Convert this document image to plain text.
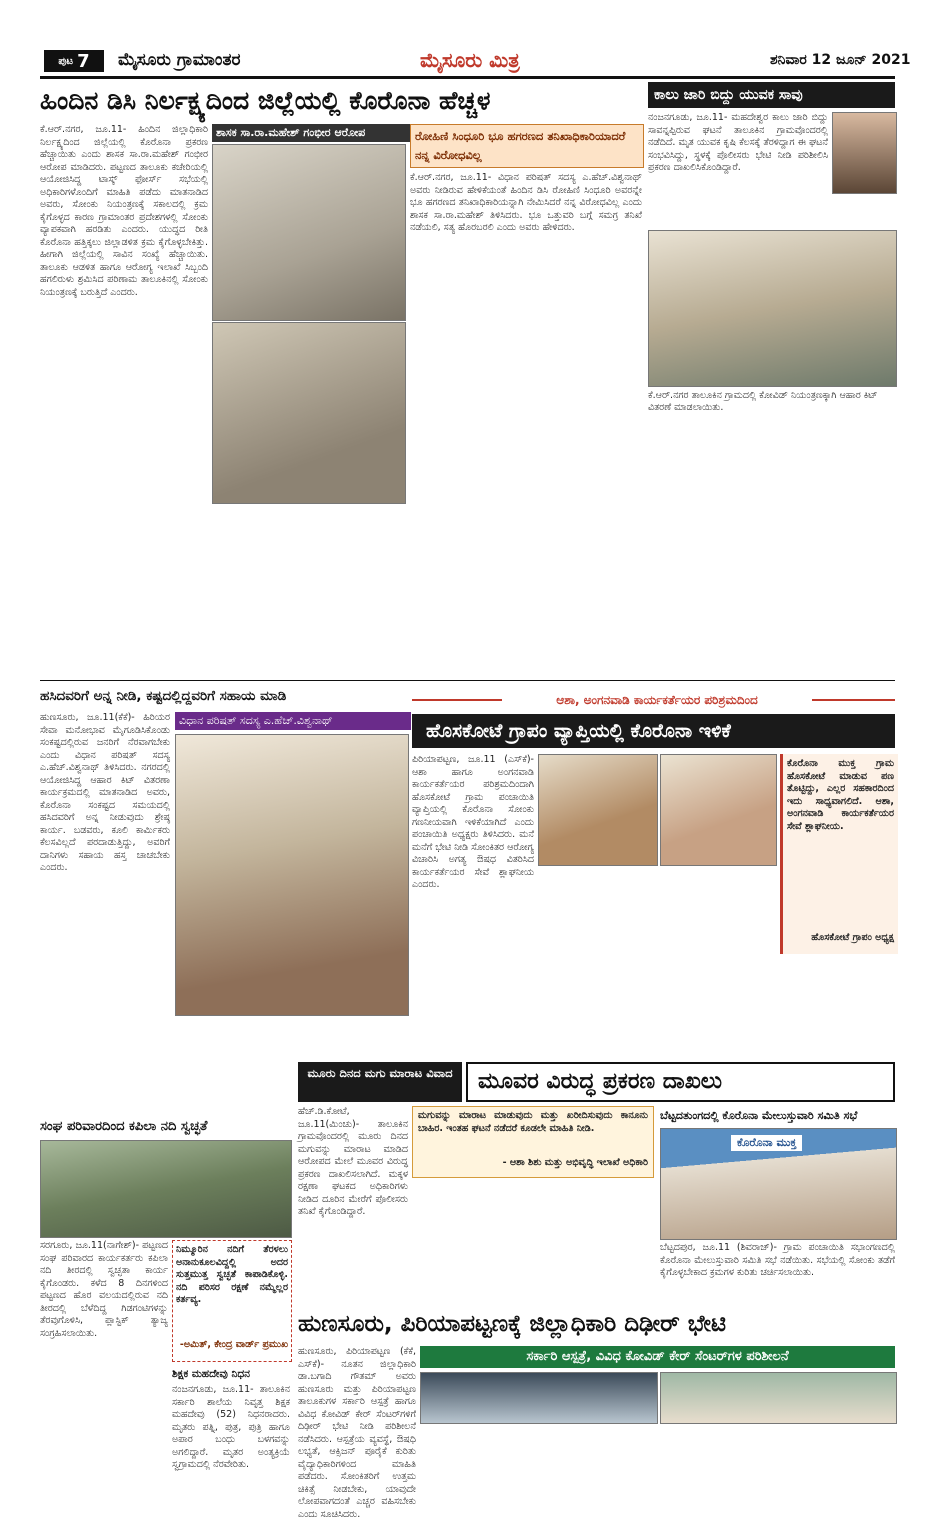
ಪುಟ 7 ಮೈಸೂರು ಗ್ರಾಮಾಂತರ	ಮೈಸೂರು ಮಿತ್ರ	ಶನಿವಾರ 12 ಜೂನ್ 2021
ಹಿಂದಿನ ಡಿಸಿ ನಿರ್ಲಕ್ಷ್ಯದಿಂದ ಜಿಲ್ಲೆಯಲ್ಲಿ ಕೊರೊನಾ ಹೆಚ್ಚಳ
ಶಾಸಕ ಸಾ.ರಾ.ಮಹೇಶ್ ಗಂಭೀರ ಆರೋಪ
ಕೆ.ಆರ್.ನಗರ, ಜೂ.11- ಹಿಂದಿನ ಜಿಲ್ಲಾಧಿಕಾರಿ ನಿರ್ಲಕ್ಷ್ಯದಿಂದ ಜಿಲ್ಲೆಯಲ್ಲಿ ಕೊರೊನಾ ಪ್ರಕರಣ ಹೆಚ್ಚಾಯಿತು ಎಂದು ಶಾಸಕ ಸಾ.ರಾ.ಮಹೇಶ್ ಗಂಭೀರ ಆರೋಪ ಮಾಡಿದರು. ಪಟ್ಟಣದ ತಾಲೂಕು ಕಚೇರಿಯಲ್ಲಿ ಆಯೋಜಿಸಿದ್ದ ಟಾಸ್ಕ್ ಫೋರ್ಸ್ ಸಭೆಯಲ್ಲಿ ಅಧಿಕಾರಿಗಳೊಂದಿಗೆ ಮಾಹಿತಿ ಪಡೆದು ಮಾತನಾಡಿದ ಅವರು, ಸೋಂಕು ನಿಯಂತ್ರಣಕ್ಕೆ ಸಕಾಲದಲ್ಲಿ ಕ್ರಮ ಕೈಗೊಳ್ಳದ ಕಾರಣ ಗ್ರಾಮಾಂತರ ಪ್ರದೇಶಗಳಲ್ಲಿ ಸೋಂಕು ವ್ಯಾಪಕವಾಗಿ ಹರಡಿತು ಎಂದರು. ಯುದ್ಧದ ರೀತಿ ಕೊರೊನಾ ಹತ್ತಿಕ್ಕಲು ಜಿಲ್ಲಾಡಳಿತ ಕ್ರಮ ಕೈಗೊಳ್ಳಬೇಕಿತ್ತು. ಹೀಗಾಗಿ ಜಿಲ್ಲೆಯಲ್ಲಿ ಸಾವಿನ ಸಂಖ್ಯೆ ಹೆಚ್ಚಾಯಿತು. ತಾಲೂಕು ಆಡಳಿತ ಹಾಗೂ ಆರೋಗ್ಯ ಇಲಾಖೆ ಸಿಬ್ಬಂದಿ ಹಗಲಿರುಳು ಶ್ರಮಿಸಿದ ಪರಿಣಾಮ ತಾಲೂಕಿನಲ್ಲಿ ಸೋಂಕು ನಿಯಂತ್ರಣಕ್ಕೆ ಬರುತ್ತಿದೆ ಎಂದರು.
ರೋಹಿಣಿ ಸಿಂಧೂರಿ ಭೂ ಹಗರಣದ ತನಿಖಾಧಿಕಾರಿಯಾದರೆ ನನ್ನ ವಿರೋಧವಿಲ್ಲ
ಕೆ.ಆರ್.ನಗರ, ಜೂ.11- ವಿಧಾನ ಪರಿಷತ್ ಸದಸ್ಯ ಎ.ಹೆಚ್.ವಿಶ್ವನಾಥ್ ಅವರು ನೀಡಿರುವ ಹೇಳಿಕೆಯಂತೆ ಹಿಂದಿನ ಡಿಸಿ ರೋಹಿಣಿ ಸಿಂಧೂರಿ ಅವರನ್ನೇ ಭೂ ಹಗರಣದ ತನಿಖಾಧಿಕಾರಿಯನ್ನಾಗಿ ನೇಮಿಸಿದರೆ ನನ್ನ ವಿರೋಧವಿಲ್ಲ ಎಂದು ಶಾಸಕ ಸಾ.ರಾ.ಮಹೇಶ್ ತಿಳಿಸಿದರು. ಭೂ ಒತ್ತುವರಿ ಬಗ್ಗೆ ಸಮಗ್ರ ತನಿಖೆ ನಡೆಯಲಿ, ಸತ್ಯ ಹೊರಬರಲಿ ಎಂದು ಅವರು ಹೇಳಿದರು.
ಕಾಲು ಜಾರಿ ಬಿದ್ದು ಯುವಕ ಸಾವು
ನಂಜನಗೂಡು, ಜೂ.11- ಮಹದೇಶ್ವರ ಕಾಲು ಜಾರಿ ಬಿದ್ದು ಸಾವನ್ನಪ್ಪಿರುವ ಘಟನೆ ತಾಲೂಕಿನ ಗ್ರಾಮವೊಂದರಲ್ಲಿ ನಡೆದಿದೆ. ಮೃತ ಯುವಕ ಕೃಷಿ ಕೆಲಸಕ್ಕೆ ತೆರಳಿದ್ದಾಗ ಈ ಘಟನೆ ಸಂಭವಿಸಿದ್ದು, ಸ್ಥಳಕ್ಕೆ ಪೊಲೀಸರು ಭೇಟಿ ನೀಡಿ ಪರಿಶೀಲಿಸಿ ಪ್ರಕರಣ ದಾಖಲಿಸಿಕೊಂಡಿದ್ದಾರೆ.
ಕೆ.ಆರ್.ನಗರ ತಾಲೂಕಿನ ಗ್ರಾಮದಲ್ಲಿ ಕೋವಿಡ್ ನಿಯಂತ್ರಣಕ್ಕಾಗಿ ಆಹಾರ ಕಿಟ್ ವಿತರಣೆ ಮಾಡಲಾಯಿತು.
ಹಸಿದವರಿಗೆ ಅನ್ನ ನೀಡಿ, ಕಷ್ಟದಲ್ಲಿದ್ದವರಿಗೆ ಸಹಾಯ ಮಾಡಿ
ವಿಧಾನ ಪರಿಷತ್ ಸದಸ್ಯ ಎ.ಹೆಚ್.ವಿಶ್ವನಾಥ್
ಹುಣಸೂರು, ಜೂ.11(ಕೆಕೆ)- ಹಿರಿಯರ ಸೇವಾ ಮನೋಭಾವ ಮೈಗೂಡಿಸಿಕೊಂಡು ಸಂಕಷ್ಟದಲ್ಲಿರುವ ಜನರಿಗೆ ನೆರವಾಗಬೇಕು ಎಂದು ವಿಧಾನ ಪರಿಷತ್ ಸದಸ್ಯ ಎ.ಹೆಚ್.ವಿಶ್ವನಾಥ್ ತಿಳಿಸಿದರು. ನಗರದಲ್ಲಿ ಆಯೋಜಿಸಿದ್ದ ಆಹಾರ ಕಿಟ್ ವಿತರಣಾ ಕಾರ್ಯಕ್ರಮದಲ್ಲಿ ಮಾತನಾಡಿದ ಅವರು, ಕೊರೊನಾ ಸಂಕಷ್ಟದ ಸಮಯದಲ್ಲಿ ಹಸಿದವರಿಗೆ ಅನ್ನ ನೀಡುವುದು ಶ್ರೇಷ್ಠ ಕಾರ್ಯ. ಬಡವರು, ಕೂಲಿ ಕಾರ್ಮಿಕರು ಕೆಲಸವಿಲ್ಲದೆ ಪರದಾಡುತ್ತಿದ್ದು, ಅವರಿಗೆ ದಾನಿಗಳು ಸಹಾಯ ಹಸ್ತ ಚಾಚಬೇಕು ಎಂದರು.
ಆಶಾ, ಅಂಗನವಾಡಿ ಕಾರ್ಯಕರ್ತೆಯರ ಪರಿಶ್ರಮದಿಂದ
ಹೊಸಕೋಟೆ ಗ್ರಾಪಂ ವ್ಯಾಪ್ತಿಯಲ್ಲಿ ಕೊರೊನಾ ಇಳಿಕೆ
ಪಿರಿಯಾಪಟ್ಟಣ, ಜೂ.11 (ಎಸ್‌ಕೆ)- ಆಶಾ ಹಾಗೂ ಅಂಗನವಾಡಿ ಕಾರ್ಯಕರ್ತೆಯರ ಪರಿಶ್ರಮದಿಂದಾಗಿ ಹೊಸಕೋಟೆ ಗ್ರಾಮ ಪಂಚಾಯಿತಿ ವ್ಯಾಪ್ತಿಯಲ್ಲಿ ಕೊರೊನಾ ಸೋಂಕು ಗಣನೀಯವಾಗಿ ಇಳಿಕೆಯಾಗಿದೆ ಎಂದು ಪಂಚಾಯಿತಿ ಅಧ್ಯಕ್ಷರು ತಿಳಿಸಿದರು. ಮನೆ ಮನೆಗೆ ಭೇಟಿ ನೀಡಿ ಸೋಂಕಿತರ ಆರೋಗ್ಯ ವಿಚಾರಿಸಿ ಅಗತ್ಯ ಔಷಧ ವಿತರಿಸಿದ ಕಾರ್ಯಕರ್ತೆಯರ ಸೇವೆ ಶ್ಲಾಘನೀಯ ಎಂದರು.
ಕೊರೊನಾ ಮುಕ್ತ ಗ್ರಾಮ ಹೊಸಕೋಟೆ ಮಾಡುವ ಪಣ ತೊಟ್ಟಿದ್ದು, ಎಲ್ಲರ ಸಹಕಾರದಿಂದ ಇದು ಸಾಧ್ಯವಾಗಲಿದೆ. ಆಶಾ, ಅಂಗನವಾಡಿ ಕಾರ್ಯಕರ್ತೆಯರ ಸೇವೆ ಶ್ಲಾಘನೀಯ.
ಹೊಸಕೋಟೆ ಗ್ರಾಪಂ ಅಧ್ಯಕ್ಷ
ಮೂರು ದಿನದ ಮಗು ಮಾರಾಟ ವಿವಾದ	ಮೂವರ ವಿರುದ್ಧ ಪ್ರಕರಣ ದಾಖಲು
ಹೆಚ್.ಡಿ.ಕೋಟೆ, ಜೂ.11(ಮಿಂಚು)- ತಾಲೂಕಿನ ಗ್ರಾಮವೊಂದರಲ್ಲಿ ಮೂರು ದಿನದ ಮಗುವನ್ನು ಮಾರಾಟ ಮಾಡಿದ ಆರೋಪದ ಮೇಲೆ ಮೂವರ ವಿರುದ್ಧ ಪ್ರಕರಣ ದಾಖಲಿಸಲಾಗಿದೆ. ಮಕ್ಕಳ ರಕ್ಷಣಾ ಘಟಕದ ಅಧಿಕಾರಿಗಳು ನೀಡಿದ ದೂರಿನ ಮೇರೆಗೆ ಪೊಲೀಸರು ತನಿಖೆ ಕೈಗೊಂಡಿದ್ದಾರೆ.
ಮಗುವನ್ನು ಮಾರಾಟ ಮಾಡುವುದು ಮತ್ತು ಖರೀದಿಸುವುದು ಕಾನೂನು ಬಾಹಿರ. ಇಂತಹ ಘಟನೆ ನಡೆದರೆ ಕೂಡಲೇ ಮಾಹಿತಿ ನೀಡಿ.
- ಆಶಾ ಶಿಶು ಮತ್ತು ಅಭಿವೃದ್ಧಿ ಇಲಾಖೆ ಅಧಿಕಾರಿ
ಸಂಘ ಪರಿವಾರದಿಂದ ಕಪಿಲಾ ನದಿ ಸ್ವಚ್ಛತೆ
ಸರಗೂರು, ಜೂ.11(ನಾಗೇಶ್)- ಪಟ್ಟಣದ ಸಂಘ ಪರಿವಾರದ ಕಾರ್ಯಕರ್ತರು ಕಪಿಲಾ ನದಿ ತೀರದಲ್ಲಿ ಸ್ವಚ್ಛತಾ ಕಾರ್ಯ ಕೈಗೊಂಡರು. ಕಳೆದ 8 ದಿನಗಳಿಂದ ಪಟ್ಟಣದ ಹೊರ ವಲಯದಲ್ಲಿರುವ ನದಿ ತೀರದಲ್ಲಿ ಬೆಳೆದಿದ್ದ ಗಿಡಗಂಟಿಗಳನ್ನು ತೆರವುಗೊಳಿಸಿ, ಪ್ಲಾಸ್ಟಿಕ್ ತ್ಯಾಜ್ಯ ಸಂಗ್ರಹಿಸಲಾಯಿತು.
ನಿಮ್ಮೂರಿನ ನದಿಗೆ ತೆರಳಲು ಅನಾನುಕೂಲವಿದ್ದಲ್ಲಿ ಅದರ ಸುತ್ತಮುತ್ತ ಸ್ವಚ್ಛತೆ ಕಾಪಾಡಿಕೊಳ್ಳಿ. ನದಿ ಪರಿಸರ ರಕ್ಷಣೆ ನಮ್ಮೆಲ್ಲರ ಕರ್ತವ್ಯ.
-ಅಮಿತ್, ಕೇಂದ್ರ ವಾರ್ಡ್ ಪ್ರಮುಖ
ಬೆಟ್ಟದತುಂಗದಲ್ಲಿ ಕೊರೊನಾ ಮೇಲುಸ್ತುವಾರಿ ಸಮಿತಿ ಸಭೆ
ಕೊರೊನಾ ಮುಕ್ತ
ಬೆಟ್ಟದಪುರ, ಜೂ.11 (ಶಿವರಾಜ್)- ಗ್ರಾಮ ಪಂಚಾಯಿತಿ ಸಭಾಂಗಣದಲ್ಲಿ ಕೊರೊನಾ ಮೇಲುಸ್ತುವಾರಿ ಸಮಿತಿ ಸಭೆ ನಡೆಯಿತು. ಸಭೆಯಲ್ಲಿ ಸೋಂಕು ತಡೆಗೆ ಕೈಗೊಳ್ಳಬೇಕಾದ ಕ್ರಮಗಳ ಕುರಿತು ಚರ್ಚಿಸಲಾಯಿತು.
ಹುಣಸೂರು, ಪಿರಿಯಾಪಟ್ಟಣಕ್ಕೆ ಜಿಲ್ಲಾಧಿಕಾರಿ ದಿಢೀರ್ ಭೇಟಿ
ಸರ್ಕಾರಿ ಆಸ್ಪತ್ರೆ, ವಿವಿಧ ಕೋವಿಡ್ ಕೇರ್ ಸೆಂಟರ್‌ಗಳ ಪರಿಶೀಲನೆ
ಹುಣಸೂರು, ಪಿರಿಯಾಪಟ್ಟಣ (ಕೆಕೆ, ಎಸ್‌ಕೆ)- ನೂತನ ಜಿಲ್ಲಾಧಿಕಾರಿ ಡಾ.ಬಗಾದಿ ಗೌತಮ್ ಅವರು ಹುಣಸೂರು ಮತ್ತು ಪಿರಿಯಾಪಟ್ಟಣ ತಾಲೂಕುಗಳ ಸರ್ಕಾರಿ ಆಸ್ಪತ್ರೆ ಹಾಗೂ ವಿವಿಧ ಕೋವಿಡ್ ಕೇರ್ ಸೆಂಟರ್‌ಗಳಿಗೆ ದಿಢೀರ್ ಭೇಟಿ ನೀಡಿ ಪರಿಶೀಲನೆ ನಡೆಸಿದರು. ಆಸ್ಪತ್ರೆಯ ವ್ಯವಸ್ಥೆ, ಔಷಧಿ ಲಭ್ಯತೆ, ಆಕ್ಸಿಜನ್ ಪೂರೈಕೆ ಕುರಿತು ವೈದ್ಯಾಧಿಕಾರಿಗಳಿಂದ ಮಾಹಿತಿ ಪಡೆದರು. ಸೋಂಕಿತರಿಗೆ ಉತ್ತಮ ಚಿಕಿತ್ಸೆ ನೀಡಬೇಕು, ಯಾವುದೇ ಲೋಪವಾಗದಂತೆ ಎಚ್ಚರ ವಹಿಸಬೇಕು ಎಂದು ಸೂಚಿಸಿದರು.
ಶಿಕ್ಷಕ ಮಹದೇವು ನಿಧನ
ನಂಜನಗೂಡು, ಜೂ.11- ತಾಲೂಕಿನ ಸರ್ಕಾರಿ ಶಾಲೆಯ ನಿವೃತ್ತ ಶಿಕ್ಷಕ ಮಹದೇವು (52) ನಿಧನರಾದರು. ಮೃತರು ಪತ್ನಿ, ಪುತ್ರ, ಪುತ್ರಿ ಹಾಗೂ ಅಪಾರ ಬಂಧು ಬಳಗವನ್ನು ಅಗಲಿದ್ದಾರೆ. ಮೃತರ ಅಂತ್ಯಕ್ರಿಯೆ ಸ್ವಗ್ರಾಮದಲ್ಲಿ ನೆರವೇರಿತು.
